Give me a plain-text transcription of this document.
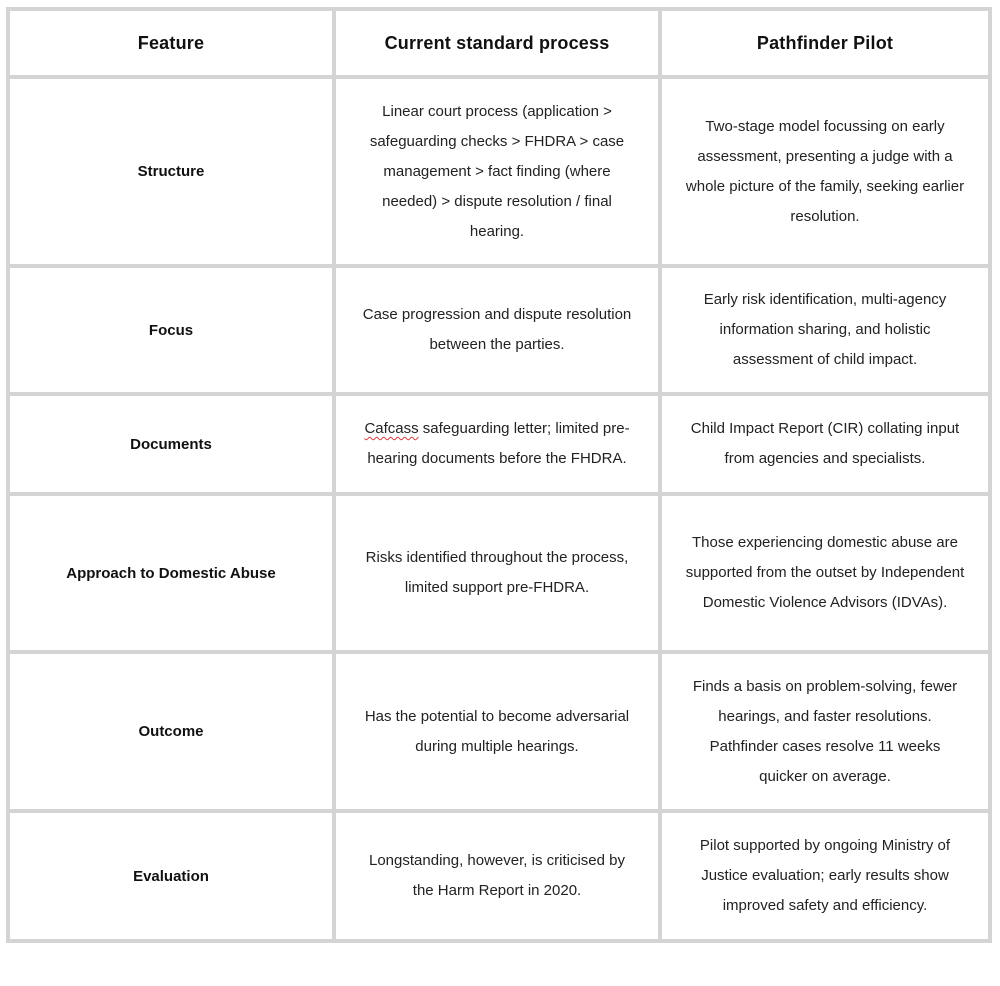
Feature	Current standard process	Pathfinder Pilot
Structure	Linear court process (application > safeguarding checks > FHDRA > case management > fact finding (where needed) > dispute resolution / final hearing.	Two-stage model focussing on early assessment, presenting a judge with a whole picture of the family, seeking earlier resolution.
Focus	Case progression and dispute resolution between the parties.	Early risk identification, multi-agency information sharing, and holistic assessment of child impact.
Documents	Cafcass safeguarding letter; limited pre-hearing documents before the FHDRA.	Child Impact Report (CIR) collating input from agencies and specialists.
Approach to Domestic Abuse	Risks identified throughout the process, limited support pre-FHDRA.	Those experiencing domestic abuse are supported from the outset by Independent Domestic Violence Advisors (IDVAs).
Outcome	Has the potential to become adversarial during multiple hearings.	Finds a basis on problem-solving, fewer hearings, and faster resolutions. Pathfinder cases resolve 11 weeks quicker on average.
Evaluation	Longstanding, however, is criticised by the Harm Report in 2020.	Pilot supported by ongoing Ministry of Justice evaluation; early results show improved safety and efficiency.
